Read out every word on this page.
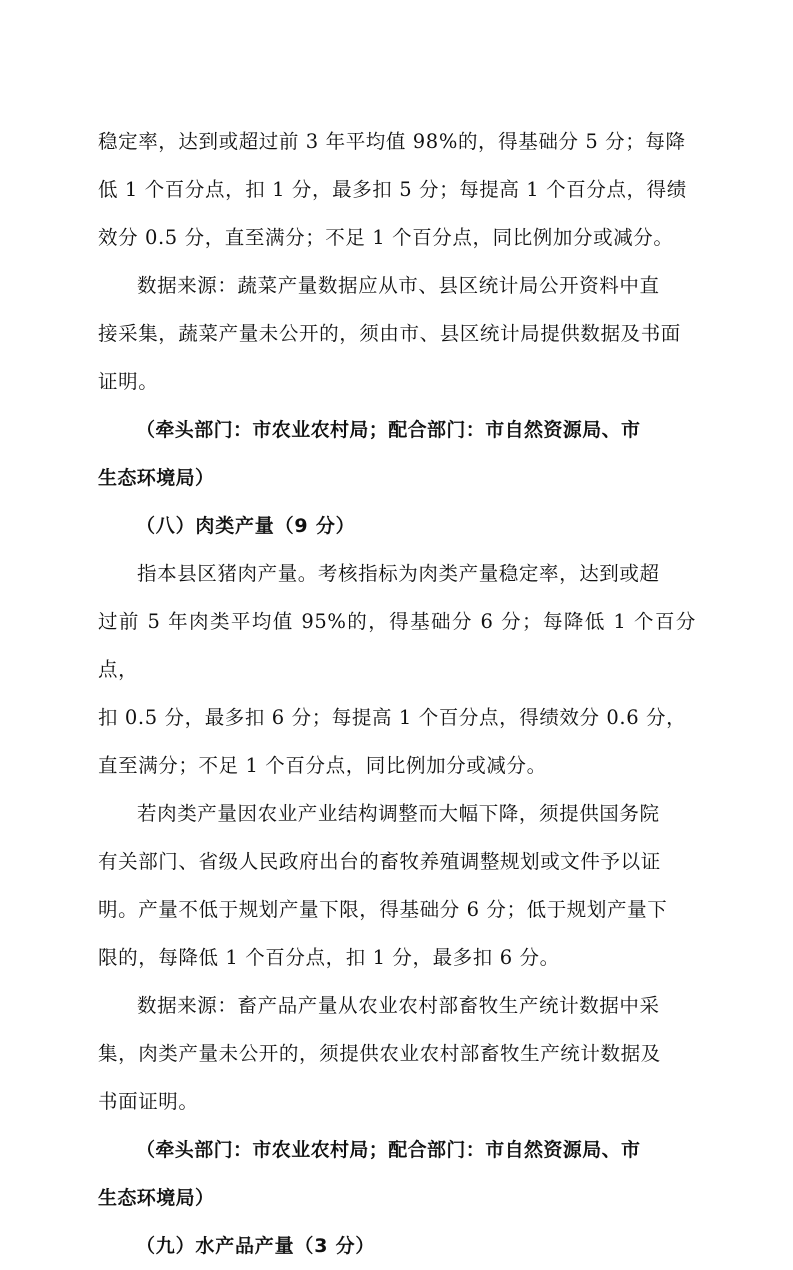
稳定率，达到或超过前 3 年平均值 98%的，得基础分 5 分；每降
低 1 个百分点，扣 1 分，最多扣 5 分；每提高 1 个百分点，得绩
效分 0.5 分，直至满分；不足 1 个百分点，同比例加分或减分。

数据来源：蔬菜产量数据应从市、县区统计局公开资料中直
接采集，蔬菜产量未公开的，须由市、县区统计局提供数据及书面
证明。

（牵头部门：市农业农村局；配合部门：市自然资源局、市
生态环境局）

（八）肉类产量（9 分）

指本县区猪肉产量。考核指标为肉类产量稳定率，达到或超
过前 5 年肉类平均值 95%的，得基础分 6 分；每降低 1 个百分点，
扣 0.5 分，最多扣 6 分；每提高 1 个百分点，得绩效分 0.6 分，
直至满分；不足 1 个百分点，同比例加分或减分。

若肉类产量因农业产业结构调整而大幅下降，须提供国务院
有关部门、省级人民政府出台的畜牧养殖调整规划或文件予以证
明。产量不低于规划产量下限，得基础分 6 分；低于规划产量下
限的，每降低 1 个百分点，扣 1 分，最多扣 6 分。

数据来源：畜产品产量从农业农村部畜牧生产统计数据中采
集，肉类产量未公开的，须提供农业农村部畜牧生产统计数据及
书面证明。

（牵头部门：市农业农村局；配合部门：市自然资源局、市
生态环境局）

（九）水产品产量（3 分）
